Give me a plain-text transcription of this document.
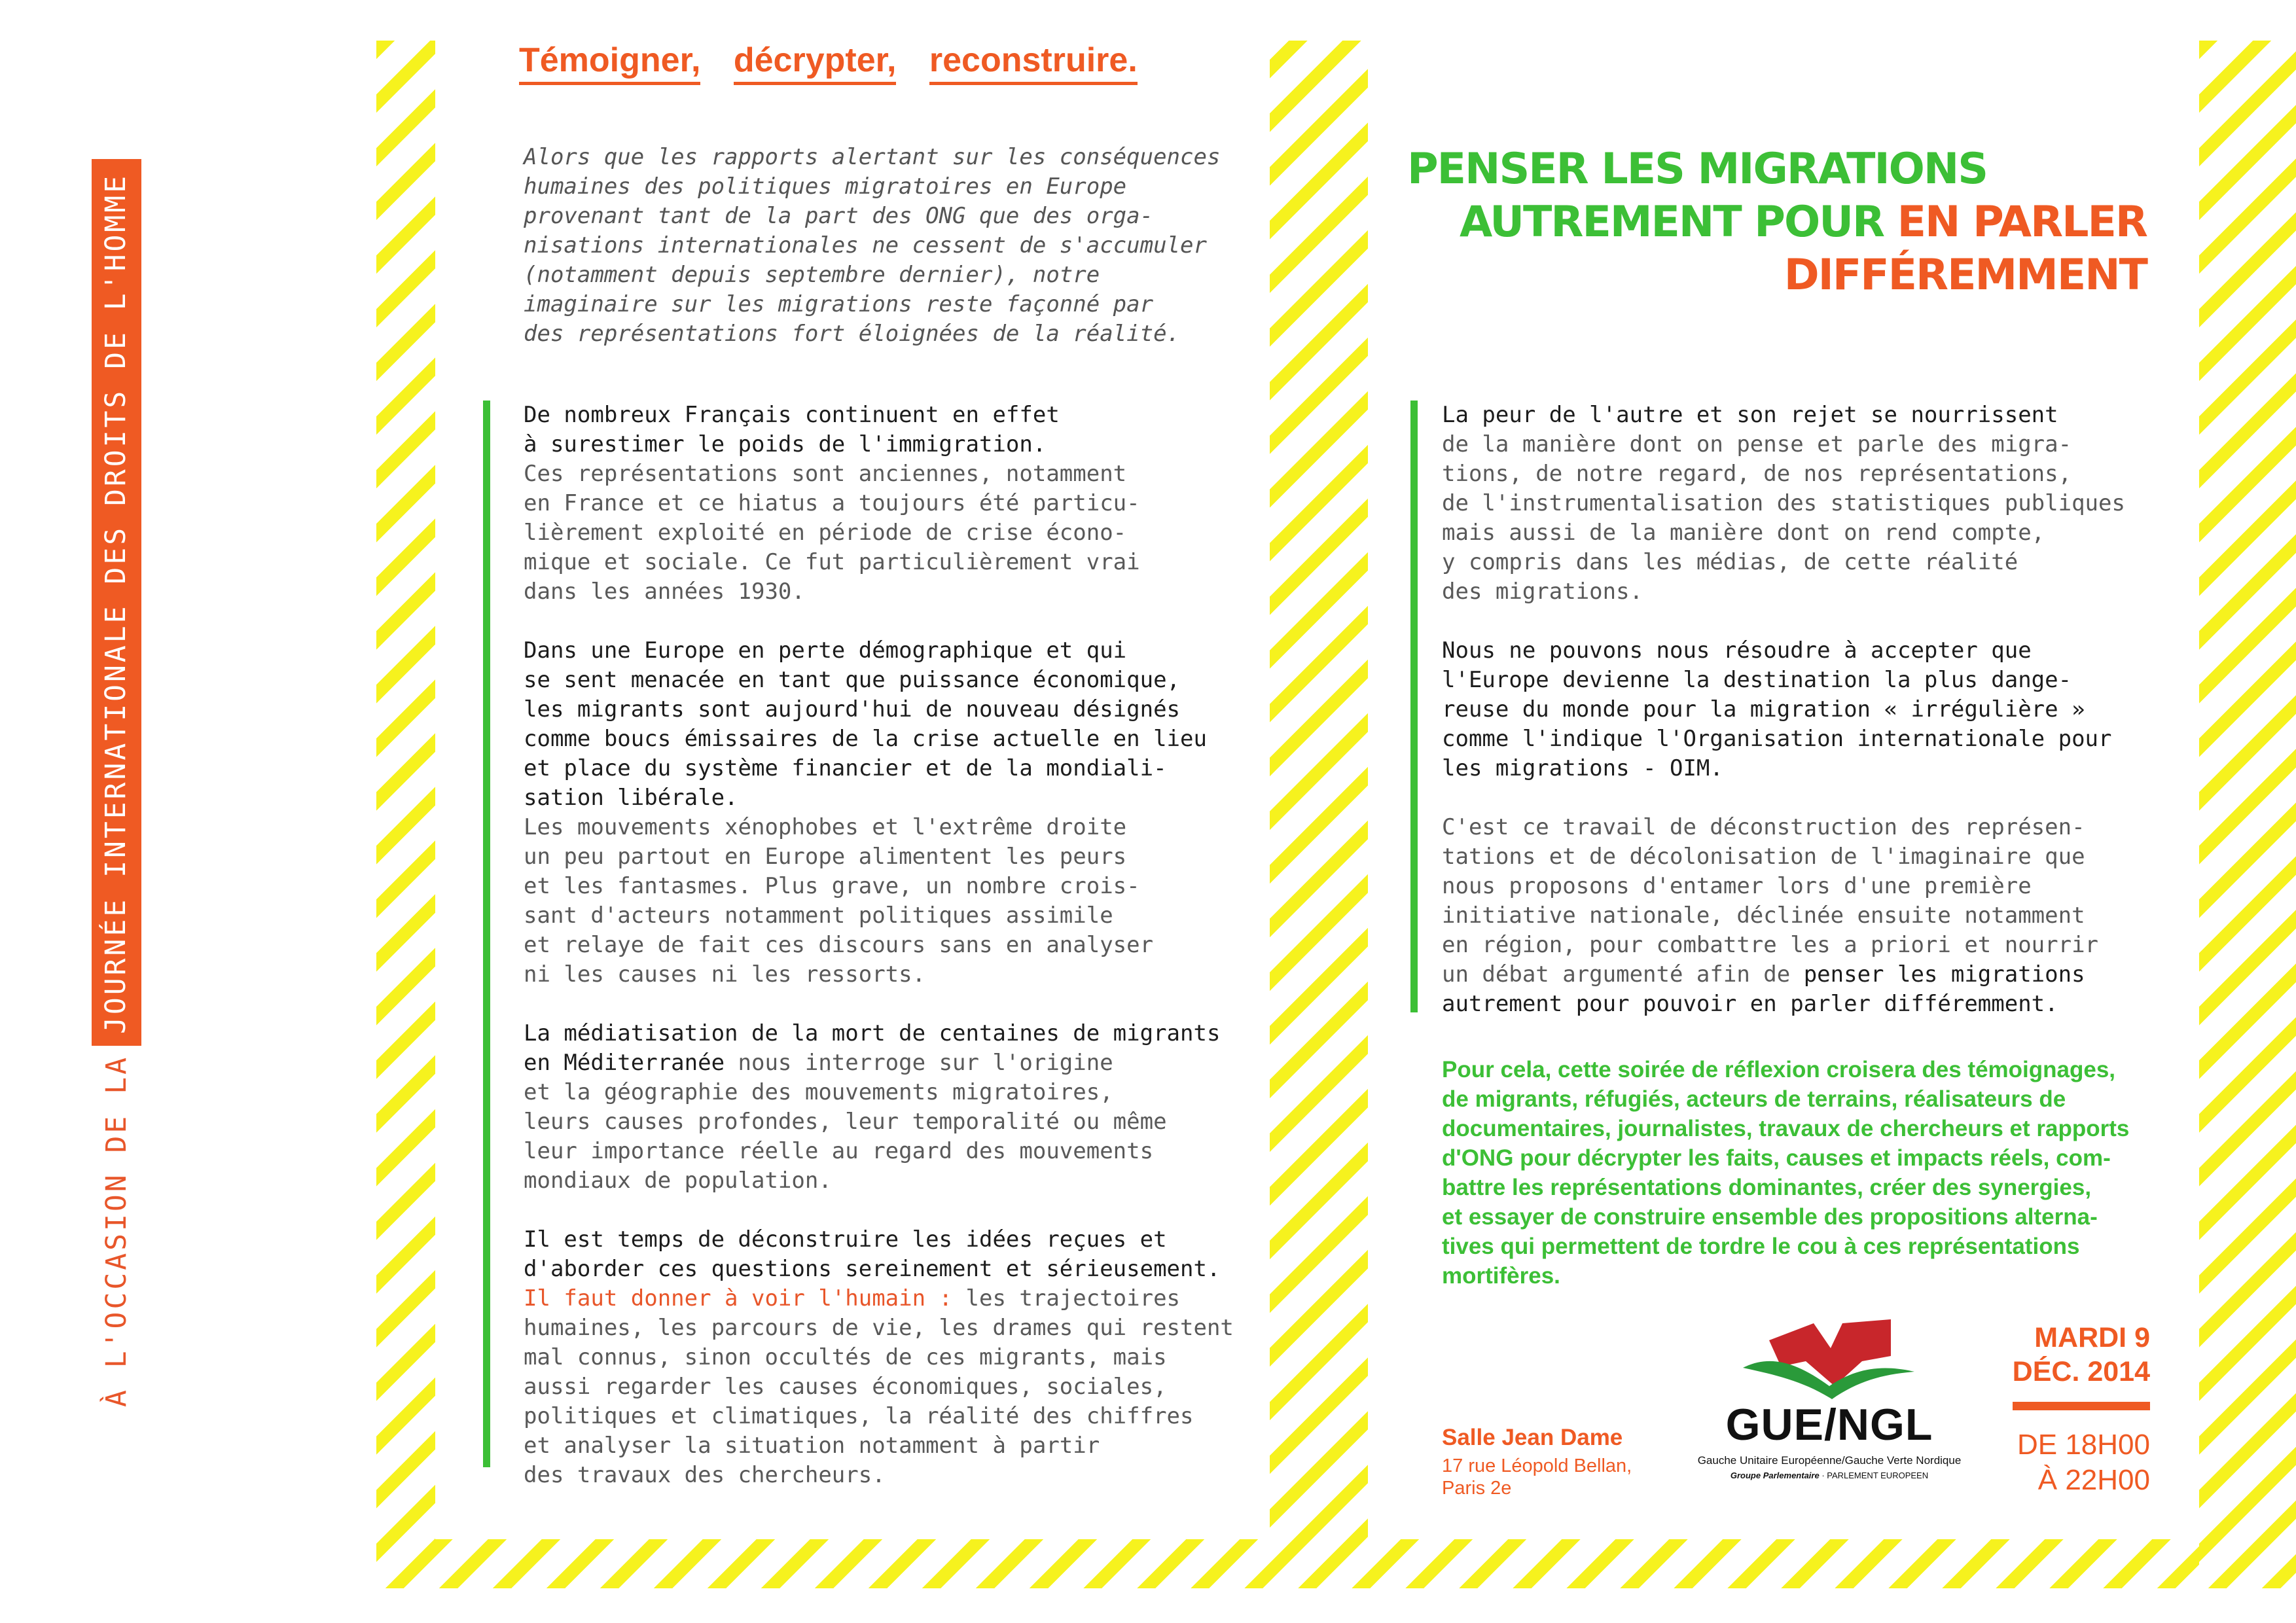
À L'OCCASION DE LA
JOURNÉE INTERNATIONALE DES DROITS DE L'HOMME
Témoigner, décrypter, reconstruire.

Alors que les rapports alertant sur les conséquences
humaines des politiques migratoires en Europe
provenant tant de la part des ONG que des orga-
nisations internationales ne cessent de s'accumuler
(notamment depuis septembre dernier), notre
imaginaire sur les migrations reste façonné par
des représentations fort éloignées de la réalité.

De nombreux Français continuent en effet
à surestimer le poids de l'immigration.
Ces représentations sont anciennes, notamment
en France et ce hiatus a toujours été particu-
lièrement exploité en période de crise écono-
mique et sociale. Ce fut particulièrement vrai
dans les années 1930.

Dans une Europe en perte démographique et qui
se sent menacée en tant que puissance économique,
les migrants sont aujourd'hui de nouveau désignés
comme boucs émissaires de la crise actuelle en lieu
et place du système financier et de la mondiali-
sation libérale.
Les mouvements xénophobes et l'extrême droite
un peu partout en Europe alimentent les peurs
et les fantasmes. Plus grave, un nombre crois-
sant d'acteurs notamment politiques assimile
et relaye de fait ces discours sans en analyser
ni les causes ni les ressorts.

La médiatisation de la mort de centaines de migrants
en Méditerranée nous interroge sur l'origine
et la géographie des mouvements migratoires,
leurs causes profondes, leur temporalité ou même
leur importance réelle au regard des mouvements
mondiaux de population.

Il est temps de déconstruire les idées reçues et
d'aborder ces questions sereinement et sérieusement.
Il faut donner à voir l'humain : les trajectoires
humaines, les parcours de vie, les drames qui restent
mal connus, sinon occultés de ces migrants, mais
aussi regarder les causes économiques, sociales,
politiques et climatiques, la réalité des chiffres
et analyser la situation notamment à partir
des travaux des chercheurs.

PENSER LES MIGRATIONS
AUTREMENT POUR EN PARLER
DIFFÉREMMENT

La peur de l'autre et son rejet se nourrissent
de la manière dont on pense et parle des migra-
tions, de notre regard, de nos représentations,
de l'instrumentalisation des statistiques publiques
mais aussi de la manière dont on rend compte,
y compris dans les médias, de cette réalité
des migrations.

Nous ne pouvons nous résoudre à accepter que
l'Europe devienne la destination la plus dange-
reuse du monde pour la migration « irrégulière »
comme l'indique l'Organisation internationale pour
les migrations - OIM.

C'est ce travail de déconstruction des représen-
tations et de décolonisation de l'imaginaire que
nous proposons d'entamer lors d'une première
initiative nationale, déclinée ensuite notamment
en région, pour combattre les a priori et nourrir
un débat argumenté afin de penser les migrations
autrement pour pouvoir en parler différemment.

Pour cela, cette soirée de réflexion croisera des témoignages,
de migrants, réfugiés, acteurs de terrains, réalisateurs de
documentaires, journalistes, travaux de chercheurs et rapports
d'ONG pour décrypter les faits, causes et impacts réels, com-
battre les représentations dominantes, créer des synergies,
et essayer de construire ensemble des propositions alterna-
tives qui permettent de tordre le cou à ces représentations
mortifères.

Salle Jean Dame
17 rue Léopold Bellan,
Paris 2e
GUE/NGL
Gauche Unitaire Européenne/Gauche Verte Nordique
Groupe Parlementaire · PARLEMENT EUROPEEN
MARDI 9
DÉC. 2014
DE 18H00
À 22H00
